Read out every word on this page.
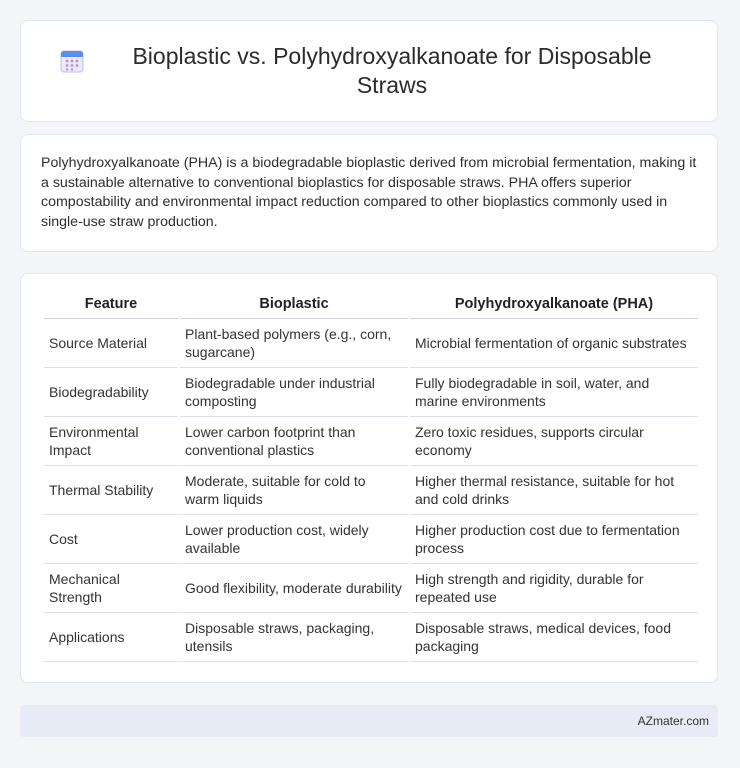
Bioplastic vs. Polyhydroxyalkanoate for Disposable Straws

Polyhydroxyalkanoate (PHA) is a biodegradable bioplastic derived from microbial fermentation, making it a sustainable alternative to conventional bioplastics for disposable straws. PHA offers superior compostability and environmental impact reduction compared to other bioplastics commonly used in single-use straw production.

Feature	Bioplastic	Polyhydroxyalkanoate (PHA)
Source Material	Plant-based polymers (e.g., corn, sugarcane)	Microbial fermentation of organic substrates
Biodegradability	Biodegradable under industrial composting	Fully biodegradable in soil, water, and marine environments
Environmental Impact	Lower carbon footprint than conventional plastics	Zero toxic residues, supports circular economy
Thermal Stability	Moderate, suitable for cold to warm liquids	Higher thermal resistance, suitable for hot and cold drinks
Cost	Lower production cost, widely available	Higher production cost due to fermentation process
Mechanical Strength	Good flexibility, moderate durability	High strength and rigidity, durable for repeated use
Applications	Disposable straws, packaging, utensils	Disposable straws, medical devices, food packaging
AZmater.com
